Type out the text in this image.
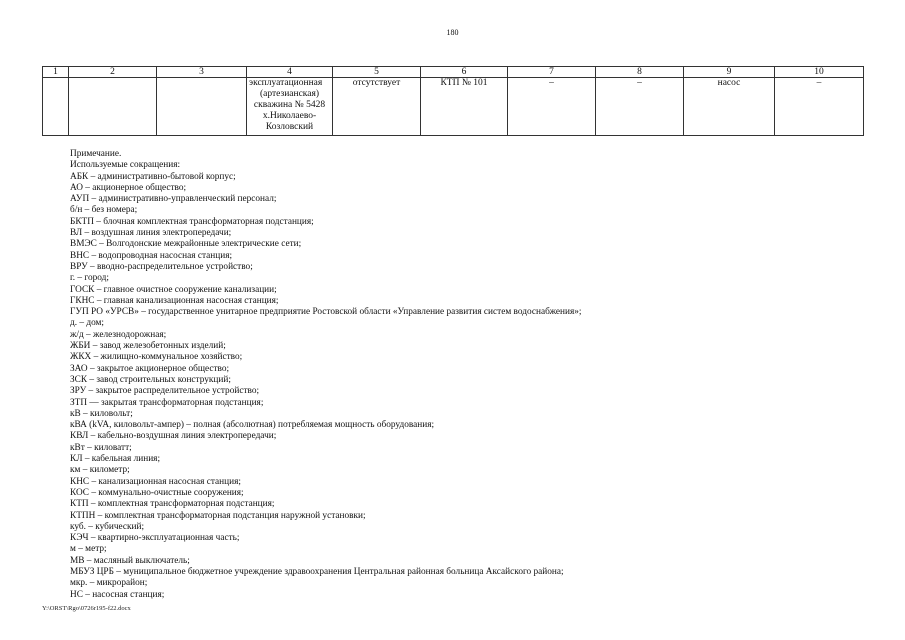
180
1	2	3	4	5	6	7	8	9	10

			эксплуатационная
(артезианская)
скважина № 5428
х.Николаево-
Козловский	отсутствует	КТП № 101	–	–	насос	–
Примечание.
Используемые сокращения:
АБК – административно-бытовой корпус;
АО – акционерное общество;
АУП – административно-управленческий персонал;
б/н – без номера;
БКТП – блочная комплектная трансформаторная подстанция;
ВЛ – воздушная линия электропередачи;
ВМЭС – Волгодонские межрайонные электрические сети;
ВНС – водопроводная насосная станция;
ВРУ – вводно-распределительное устройство;
г. – город;
ГОСК – главное очистное сооружение канализации;
ГКНС – главная канализационная насосная станция;
ГУП РО «УРСВ» – государственное унитарное предприятие Ростовской области «Управление развития систем водоснабжения»;
д. – дом;
ж/д – железнодорожная;
ЖБИ – завод железобетонных изделий;
ЖКХ – жилищно-коммунальное хозяйство;
ЗАО – закрытое акционерное общество;
ЗСК – завод строительных конструкций;
ЗРУ – закрытое распределительное устройство;
ЗТП — закрытая трансформаторная подстанция;
кВ – киловольт;
кВА (kVA, киловольт-ампер) – полная (абсолютная) потребляемая мощность оборудования;
КВЛ – кабельно-воздушная линия электропередачи;
кВт – киловатт;
КЛ – кабельная линия;
км – километр;
КНС – канализационная насосная станция;
КОС – коммунально-очистные сооружения;
КТП – комплектная трансформаторная подстанция;
КТПН – комплектная трансформаторная подстанция наружной установки;
куб. – кубический;
КЭЧ – квартирно-эксплуатационная часть;
м – метр;
МВ – масляный выключатель;
МБУЗ ЦРБ – муниципальное бюджетное учреждение здравоохранения Центральная районная больница Аксайского района;
мкр. – микрорайон;
НС – насосная станция;
Y:\ORST\Rgo\0726r195-f22.docx
